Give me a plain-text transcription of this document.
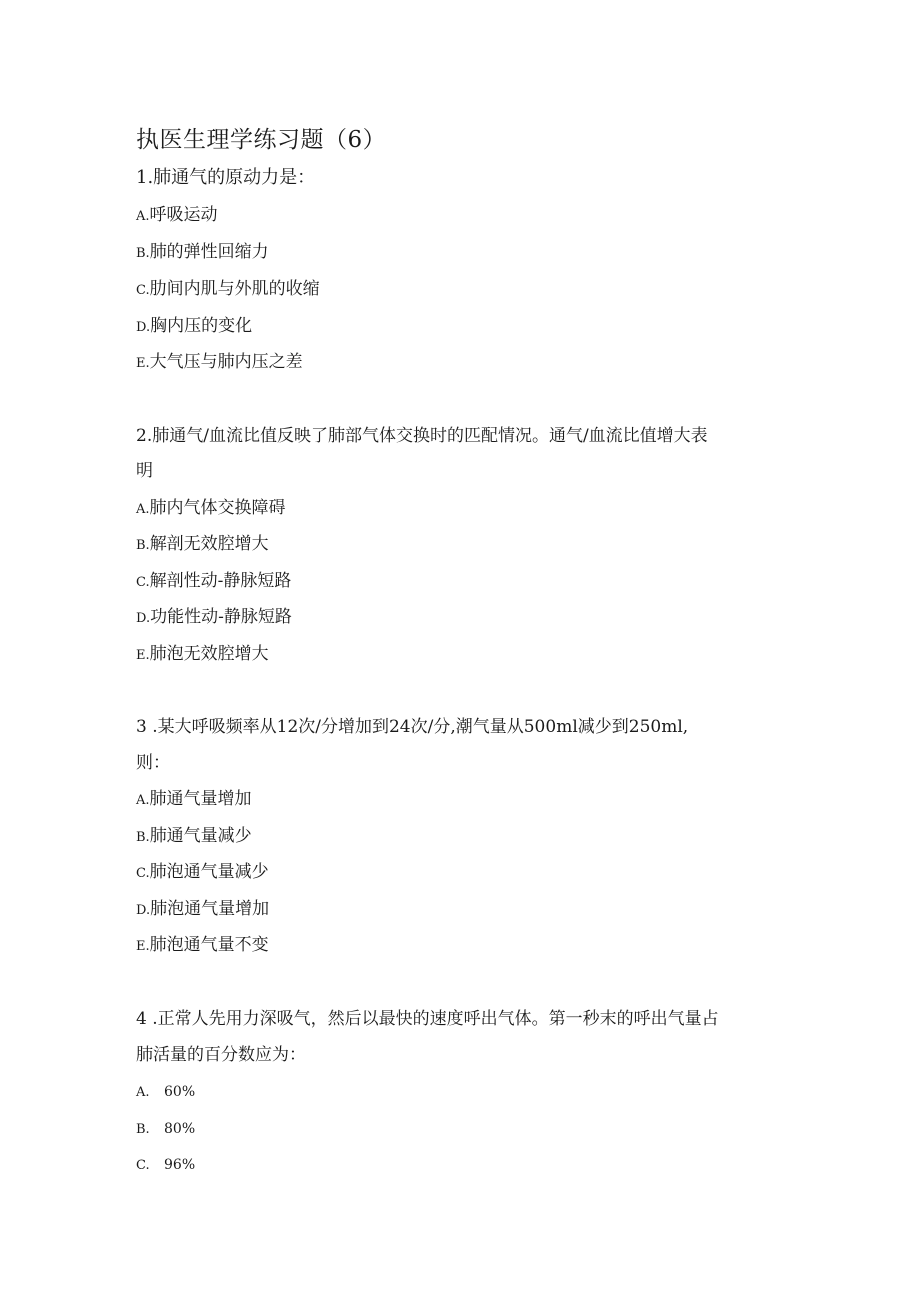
执医生理学练习题（6）
1.肺通气的原动力是：
A.呼吸运动
B.肺的弹性回缩力
C.肋间内肌与外肌的收缩
D.胸内压的变化
E.大气压与肺内压之差
2.肺通气/血流比值反映了肺部气体交换时的匹配情况。通气/血流比值增大表
明
A.肺内气体交换障碍
B.解剖无效腔增大
C.解剖性动-静脉短路
D.功能性动-静脉短路
E.肺泡无效腔增大
3 .某大呼吸频率从12次/分增加到24次/分,潮气量从500ml减少到250ml,
则：
A.肺通气量增加
B.肺通气量减少
C.肺泡通气量减少
D.肺泡通气量增加
E.肺泡通气量不变
4 .正常人先用力深吸气，然后以最快的速度呼出气体。第一秒末的呼出气量占
肺活量的百分数应为：
A. 60%
B. 80%
C. 96%
